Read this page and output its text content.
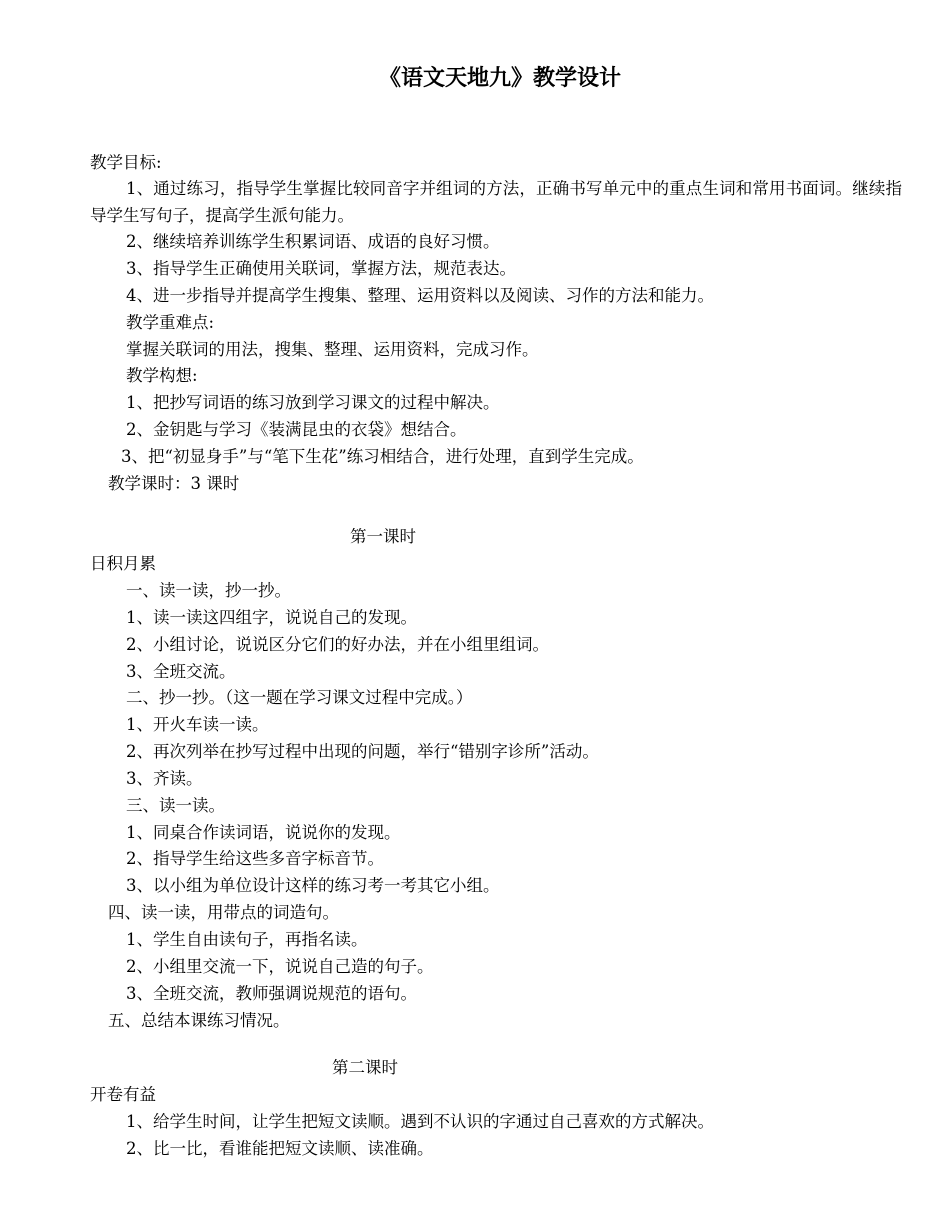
《语文天地九》教学设计
教学目标:
1、通过练习，指导学生掌握比较同音字并组词的方法，正确书写单元中的重点生词和常用书面词。继续指导学生写句子，提高学生派句能力。
2、继续培养训练学生积累词语、成语的良好习惯。
3、指导学生正确使用关联词，掌握方法，规范表达。
4、进一步指导并提高学生搜集、整理、运用资料以及阅读、习作的方法和能力。
教学重难点:
掌握关联词的用法，搜集、整理、运用资料，完成习作。
教学构想:
1、把抄写词语的练习放到学习课文的过程中解决。
2、金钥匙与学习《装满昆虫的衣袋》想结合。
3、把“初显身手”与“笔下生花”练习相结合，进行处理，直到学生完成。
教学课时：3 课时
第一课时
日积月累
一、读一读，抄一抄。
1、读一读这四组字，说说自己的发现。
2、小组讨论，说说区分它们的好办法，并在小组里组词。
3、全班交流。
二、抄一抄。（这一题在学习课文过程中完成。）
1、开火车读一读。
2、再次列举在抄写过程中出现的问题，举行“错别字诊所”活动。
3、齐读。
三、读一读。
1、同桌合作读词语，说说你的发现。
2、指导学生给这些多音字标音节。
3、以小组为单位设计这样的练习考一考其它小组。
四、读一读，用带点的词造句。
1、学生自由读句子，再指名读。
2、小组里交流一下，说说自己造的句子。
3、全班交流，教师强调说规范的语句。
五、总结本课练习情况。
第二课时
开卷有益
1、给学生时间，让学生把短文读顺。遇到不认识的字通过自己喜欢的方式解决。
2、比一比，看谁能把短文读顺、读准确。
